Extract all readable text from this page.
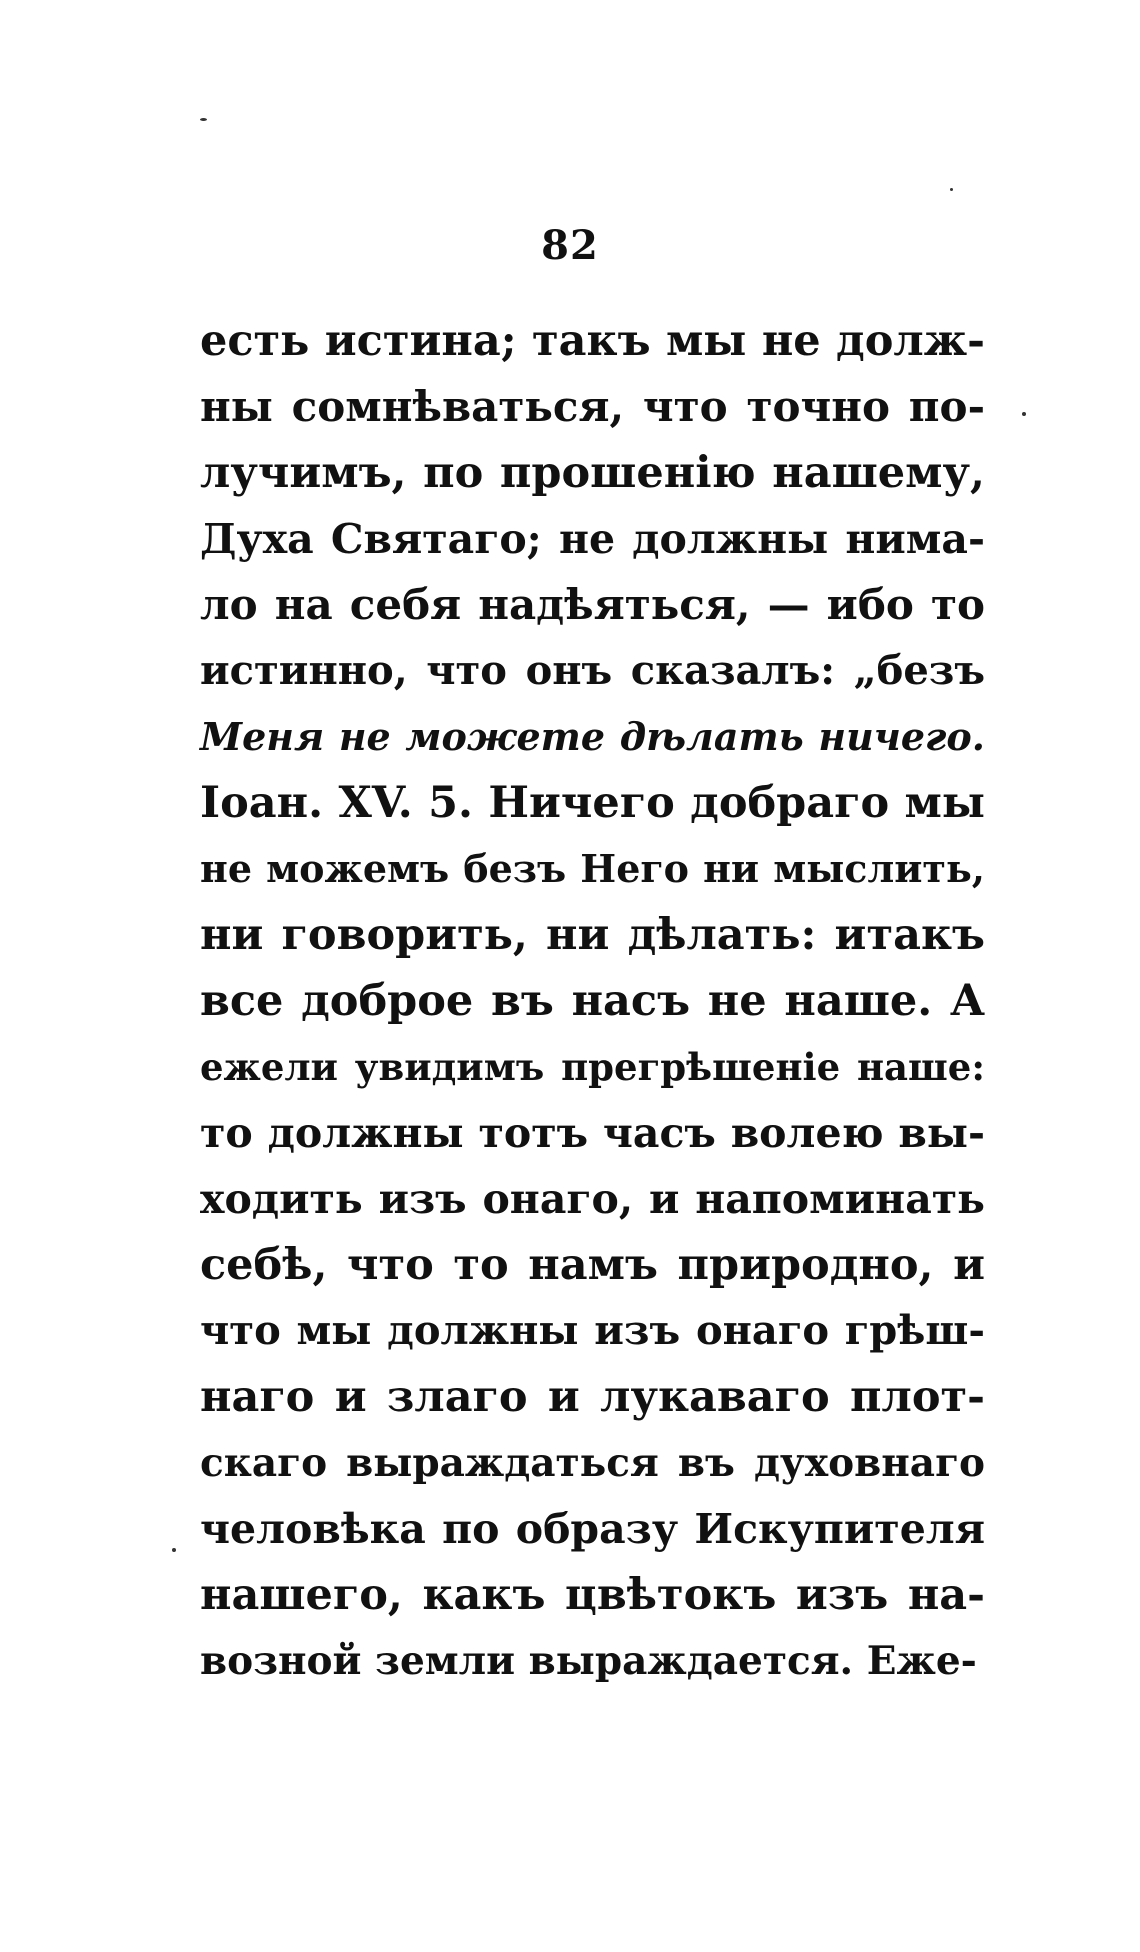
82
есть истина; такъ мы не долж-
ны сомнѣваться, что точно по-
лучимъ, по прошенію нашему,
Духа Святаго; не должны нима-
ло на себя надѣяться, — ибо то
истинно, что онъ сказалъ: „безъ
Меня не можете дѣлать ничего.
Іоан. XV. 5. Ничего добраго мы
не можемъ безъ Него ни мыслить,
ни говорить, ни дѣлать: итакъ
все доброе въ насъ не наше. А
ежели увидимъ прегрѣшеніе наше:
то должны тотъ часъ волею вы-
ходить изъ онаго, и напоминать
себѣ, что то намъ природно, и
что мы должны изъ онаго грѣш-
наго и злаго и лукаваго плот-
скаго выраждаться въ духовнаго
человѣка по образу Искупителя
нашего, какъ цвѣтокъ изъ на-
возной земли выраждается. Еже-
